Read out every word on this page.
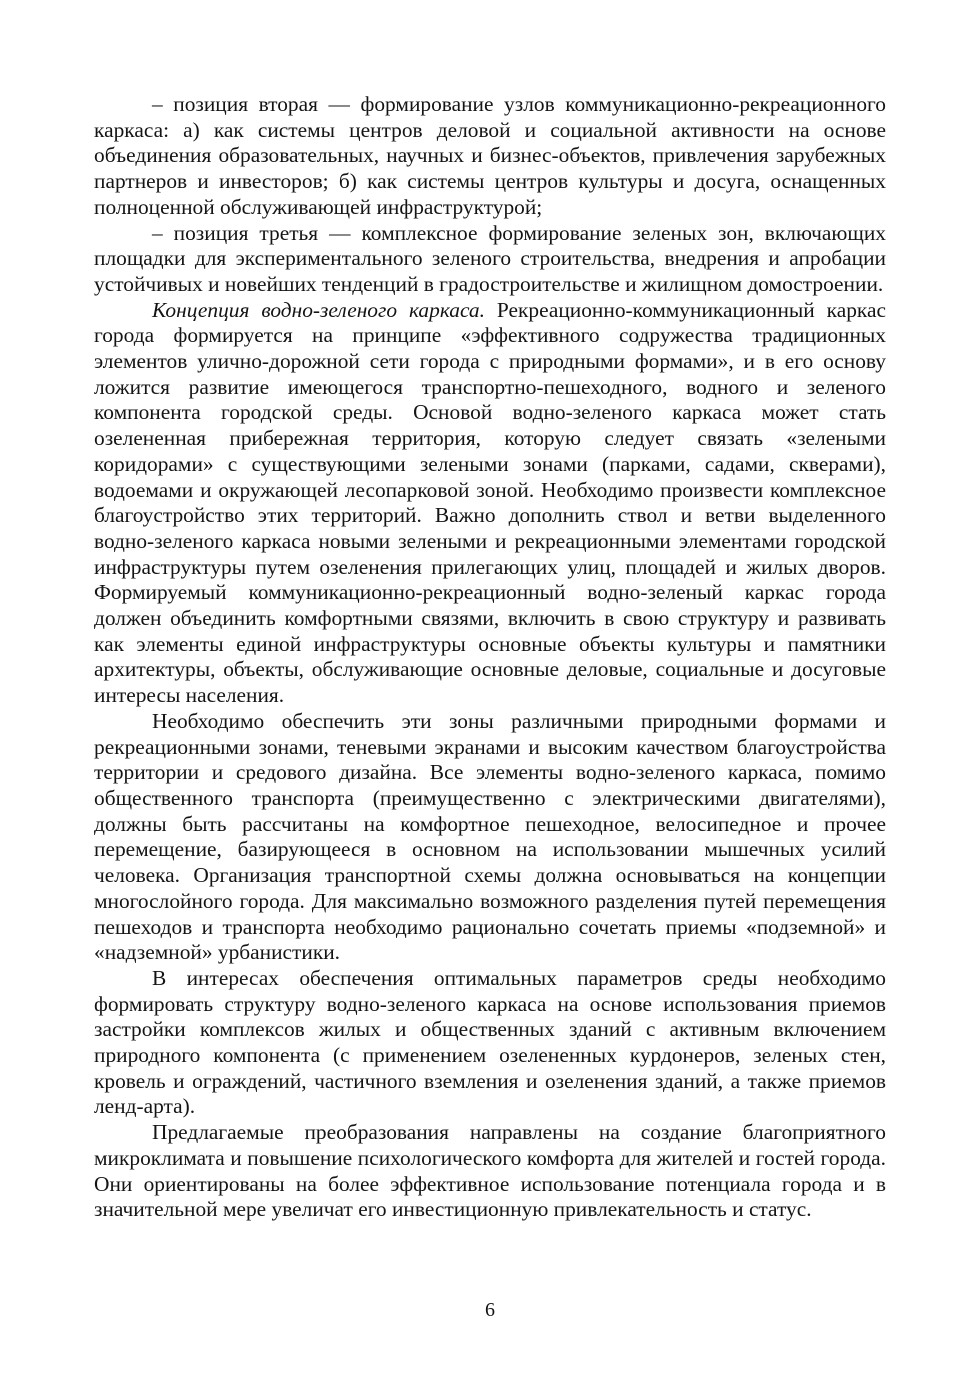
– позиция вторая — формирование узлов коммуникационно-рекреационного каркаса: а) как системы центров деловой и социальной активности на основе объединения образовательных, научных и бизнес-объектов, привлечения зарубежных партнеров и инвесторов; б) как системы центров культуры и досуга, оснащенных полноценной обслуживающей инфраструктурой;

– позиция третья — комплексное формирование зеленых зон, включающих площадки для экспериментального зеленого строительства, внедрения и апробации устойчивых и новейших тенденций в градостроительстве и жилищном домостроении.

Концепция водно-зеленого каркаса. Рекреационно-коммуникационный каркас города формируется на принципе «эффективного содружества традиционных элементов улично-дорожной сети города с природными формами», и в его основу ложится развитие имеющегося транспортно-пешеходного, водного и зеленого компонента городской среды. Основой водно-зеленого каркаса может стать озелененная прибережная территория, которую следует связать «зелеными коридорами» с существующими зелеными зонами (парками, садами, скверами), водоемами и окружающей лесопарковой зоной. Необходимо произвести комплексное благоустройство этих территорий. Важно дополнить ствол и ветви выделенного водно-зеленого каркаса новыми зелеными и рекреационными элементами городской инфраструктуры путем озеленения прилегающих улиц, площадей и жилых дворов. Формируемый коммуникационно-рекреационный водно-зеленый каркас города должен объединить комфортными связями, включить в свою структуру и развивать как элементы единой инфраструктуры основные объекты культуры и памятники архитектуры, объекты, обслуживающие основные деловые, социальные и досуговые интересы населения.

Необходимо обеспечить эти зоны различными природными формами и рекреационными зонами, теневыми экранами и высоким качеством благоустройства территории и средового дизайна. Все элементы водно-зеленого каркаса, помимо общественного транспорта (преимущественно с электрическими двигателями), должны быть рассчитаны на комфортное пешеходное, велосипедное и прочее перемещение, базирующееся в основном на использовании мышечных усилий человека. Организация транспортной схемы должна основываться на концепции многослойного города. Для максимально возможного разделения путей перемещения пешеходов и транспорта необходимо рационально сочетать приемы «подземной» и «надземной» урбанистики.

В интересах обеспечения оптимальных параметров среды необходимо формировать структуру водно-зеленого каркаса на основе использования приемов застройки комплексов жилых и общественных зданий с активным включением природного компонента (с применением озелененных курдонеров, зеленых стен, кровель и ограждений, частичного вземления и озеленения зданий, а также приемов ленд-арта).

Предлагаемые преобразования направлены на создание благоприятного микроклимата и повышение психологического комфорта для жителей и гостей города. Они ориентированы на более эффективное использование потенциала города и в значительной мере увеличат его инвестиционную привлекательность и статус.

6
